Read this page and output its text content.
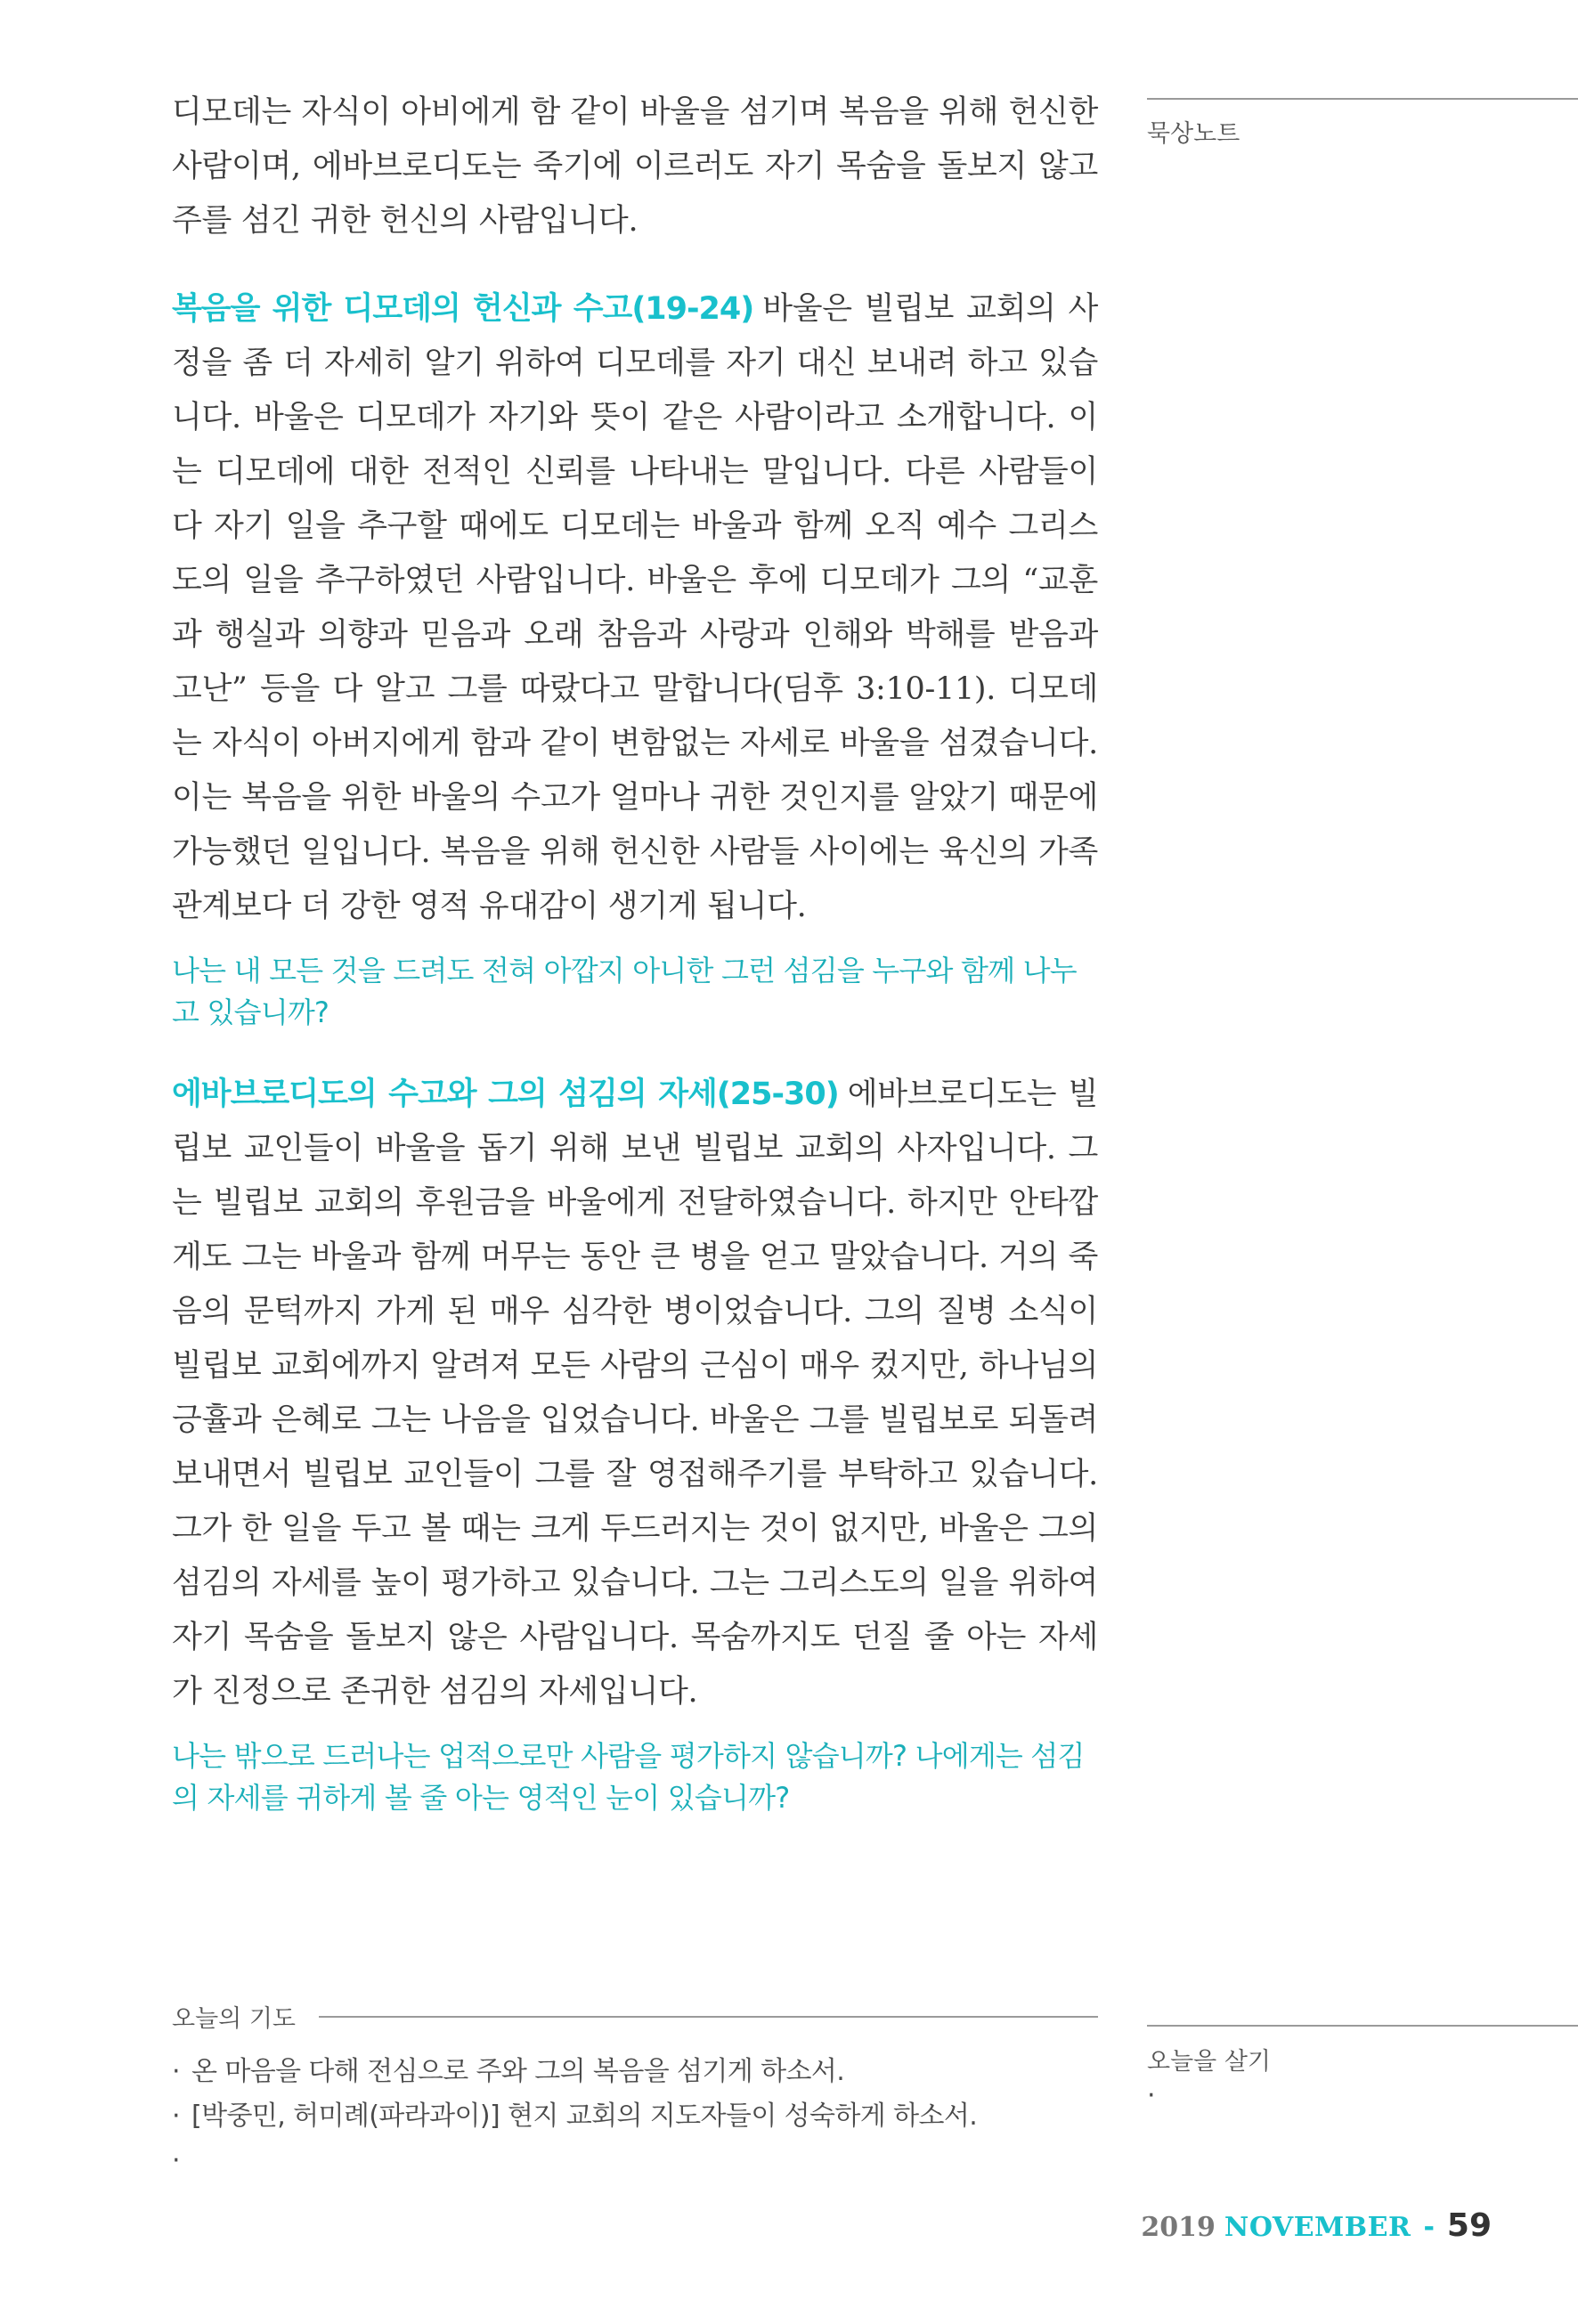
묵상노트
오늘을 살기
·

디모데는 자식이 아비에게 함 같이 바울을 섬기며 복음을 위해 헌신한 사람이며, 에바브로디도는 죽기에 이르러도 자기 목숨을 돌보지 않고 주를 섬긴 귀한 헌신의 사람입니다.

복음을 위한 디모데의 헌신과 수고(19-24) 바울은 빌립보 교회의 사정을 좀 더 자세히 알기 위하여 디모데를 자기 대신 보내려 하고 있습니다. 바울은 디모데가 자기와 뜻이 같은 사람이라고 소개합니다. 이는 디모데에 대한 전적인 신뢰를 나타내는 말입니다. 다른 사람들이 다 자기 일을 추구할 때에도 디모데는 바울과 함께 오직 예수 그리스도의 일을 추구하였던 사람입니다. 바울은 후에 디모데가 그의 “교훈과 행실과 의향과 믿음과 오래 참음과 사랑과 인해와 박해를 받음과 고난” 등을 다 알고 그를 따랐다고 말합니다(딤후 3:10-11). 디모데는 자식이 아버지에게 함과 같이 변함없는 자세로 바울을 섬겼습니다. 이는 복음을 위한 바울의 수고가 얼마나 귀한 것인지를 알았기 때문에 가능했던 일입니다. 복음을 위해 헌신한 사람들 사이에는 육신의 가족관계보다 더 강한 영적 유대감이 생기게 됩니다.

나는 내 모든 것을 드려도 전혀 아깝지 아니한 그런 섬김을 누구와 함께 나누고 있습니까?

에바브로디도의 수고와 그의 섬김의 자세(25-30) 에바브로디도는 빌립보 교인들이 바울을 돕기 위해 보낸 빌립보 교회의 사자입니다. 그는 빌립보 교회의 후원금을 바울에게 전달하였습니다. 하지만 안타깝게도 그는 바울과 함께 머무는 동안 큰 병을 얻고 말았습니다. 거의 죽음의 문턱까지 가게 된 매우 심각한 병이었습니다. 그의 질병 소식이 빌립보 교회에까지 알려져 모든 사람의 근심이 매우 컸지만, 하나님의 긍휼과 은혜로 그는 나음을 입었습니다. 바울은 그를 빌립보로 되돌려 보내면서 빌립보 교인들이 그를 잘 영접해주기를 부탁하고 있습니다. 그가 한 일을 두고 볼 때는 크게 두드러지는 것이 없지만, 바울은 그의 섬김의 자세를 높이 평가하고 있습니다. 그는 그리스도의 일을 위하여 자기 목숨을 돌보지 않은 사람입니다. 목숨까지도 던질 줄 아는 자세가 진정으로 존귀한 섬김의 자세입니다.

나는 밖으로 드러나는 업적으로만 사람을 평가하지 않습니까? 나에게는 섬김의 자세를 귀하게 볼 줄 아는 영적인 눈이 있습니까?

오늘의 기도
· 온 마음을 다해 전심으로 주와 그의 복음을 섬기게 하소서.
· [박중민, 허미례(파라과이)] 현지 교회의 지도자들이 성숙하게 하소서.
·
2019 NOVEMBER - 59
